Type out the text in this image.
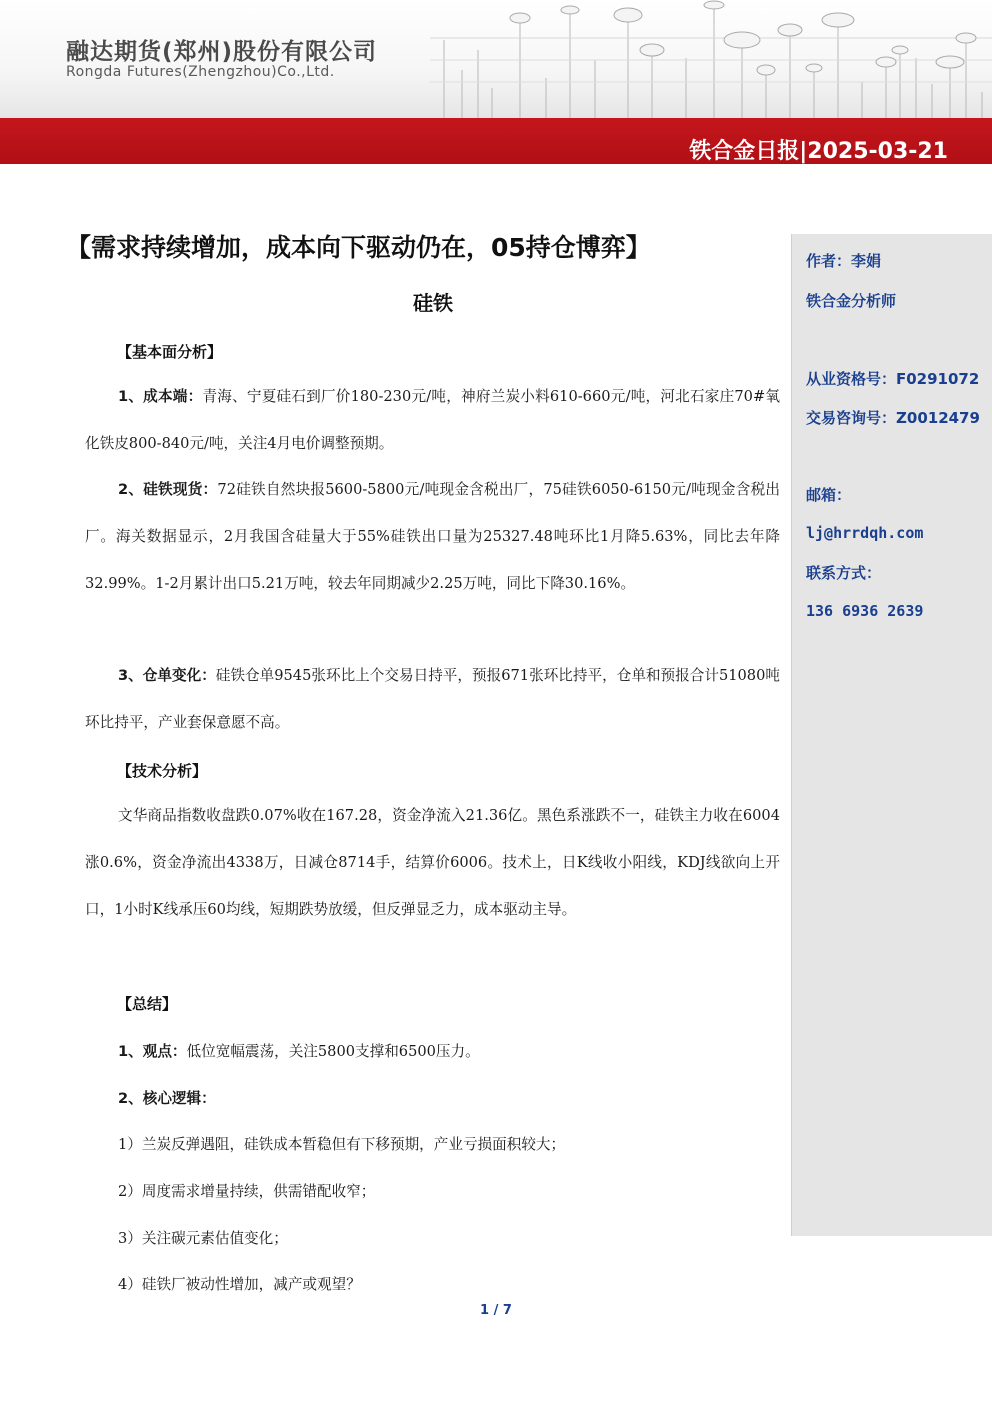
融达期货(郑州)股份有限公司
Rongda Futures(Zhengzhou)Co.,Ltd.
铁合金日报|2025-03-21
作者：李娟
铁合金分析师
从业资格号：F0291072
交易咨询号：Z0012479
邮箱：
lj@hrrdqh.com
联系方式：
136 6936 2639
【需求持续增加，成本向下驱动仍在，05持仓博弈】
硅铁
【基本面分析】
1、成本端：青海、宁夏硅石到厂价180-230元/吨，神府兰炭小料610-660元/吨，河北石家庄70#氧化铁皮800-840元/吨，关注4月电价调整预期。
2、硅铁现货：72硅铁自然块报5600-5800元/吨现金含税出厂，75硅铁6050-6150元/吨现金含税出厂。海关数据显示，2月我国含硅量大于55%硅铁出口量为25327.48吨环比1月降5.63%，同比去年降32.99%。1-2月累计出口5.21万吨，较去年同期减少2.25万吨，同比下降30.16%。
3、仓单变化：硅铁仓单9545张环比上个交易日持平，预报671张环比持平，仓单和预报合计51080吨环比持平，产业套保意愿不高。
【技术分析】
文华商品指数收盘跌0.07%收在167.28，资金净流入21.36亿。黑色系涨跌不一，硅铁主力收在6004涨0.6%，资金净流出4338万，日减仓8714手，结算价6006。技术上，日K线收小阳线，KDJ线欲向上开口，1小时K线承压60均线，短期跌势放缓，但反弹显乏力，成本驱动主导。
【总结】
1、观点：低位宽幅震荡，关注5800支撑和6500压力。
2、核心逻辑：
1）兰炭反弹遇阻，硅铁成本暂稳但有下移预期，产业亏损面积较大；
2）周度需求增量持续，供需错配收窄；
3）关注碳元素估值变化；
4）硅铁厂被动性增加，减产或观望？
1 / 7
